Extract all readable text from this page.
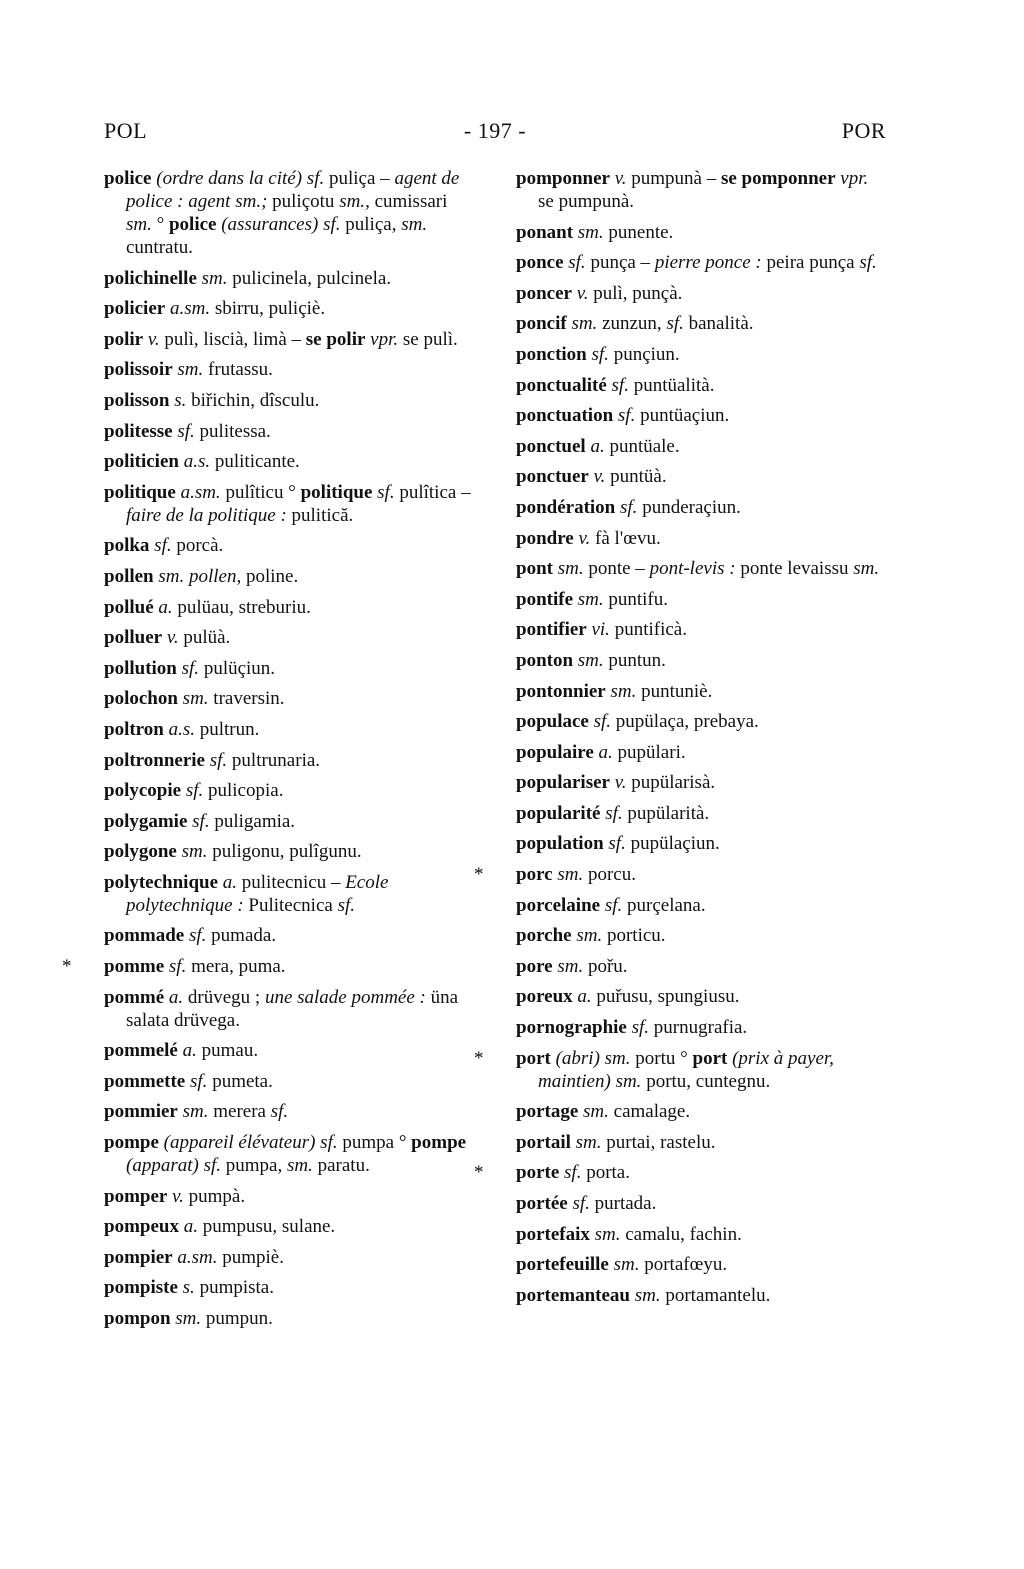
- 197 -
POL	POR
police (ordre dans la cité) sf. puliça – agent de police : agent sm.; puliçotu sm., cumissari sm. ° police (assurances) sf. puliça, sm. cuntratu.
polichinelle sm. pulicinela, pulcinela.
policier a.sm. sbirru, puliçiè.
polir v. pulì, liscià, limà – se polir vpr. se pulì.
polissoir sm. frutassu.
polisson s. biřichin, dîsculu.
politesse sf. pulitessa.
politicien a.s. puliticante.
politique a.sm. pulîticu ° politique sf. pulîtica – faire de la politique : pulitică.
polka sf. porcà.
pollen sm. pollen, poline.
pollué a. pulüau, streburiu.
polluer v. pulüà.
pollution sf. pulüçiun.
polochon sm. traversin.
poltron a.s. pultrun.
poltronnerie sf. pultrunaria.
polycopie sf. pulicopia.
polygamie sf. puligamia.
polygone sm. puligonu, pulîgunu.
polytechnique a. pulitecnicu – Ecole polytechnique : Pulitecnica sf.
pommade sf. pumada.
* pomme sf. mera, puma.
pommé a. drüvegu ; une salade pommée : üna salata drüvega.
pommelé a. pumau.
pommette sf. pumeta.
pommier sm. merera sf.
pompe (appareil élévateur) sf. pumpa ° pompe (apparat) sf. pumpa, sm. paratu.
pomper v. pumpà.
pompeux a. pumpusu, sulane.
pompier a.sm. pumpiè.
pompiste s. pumpista.
pompon sm. pumpun.
pomponner v. pumpunà – se pomponner vpr. se pumpunà.
ponant sm. punente.
ponce sf. punça – pierre ponce : peira punça sf.
poncer v. pulì, punçà.
poncif sm. zunzun, sf. banalità.
ponction sf. punçiun.
ponctualité sf. puntüalità.
ponctuation sf. puntüaçiun.
ponctuel a. puntüale.
ponctuer v. puntüà.
pondération sf. punderaçiun.
pondre v. fà l'œvu.
pont sm. ponte – pont-levis : ponte levaissu sm.
pontife sm. puntifu.
pontifier vi. puntificà.
ponton sm. puntun.
pontonnier sm. puntuniè.
populace sf. pupülaça, prebaya.
populaire a. pupülari.
populariser v. pupülarisà.
popularité sf. pupülarità.
population sf. pupülaçiun.
* porc sm. porcu.
porcelaine sf. purçelana.
porche sm. porticu.
pore sm. pořu.
poreux a. puřusu, spungiusu.
pornographie sf. purnugrafia.
* port (abri) sm. portu ° port (prix à payer, maintien) sm. portu, cuntegnu.
portage sm. camalage.
portail sm. purtai, rastelu.
* porte sf. porta.
portée sf. purtada.
portefaix sm. camalu, fachin.
portefeuille sm. portafœyu.
portemanteau sm. portamantelu.
